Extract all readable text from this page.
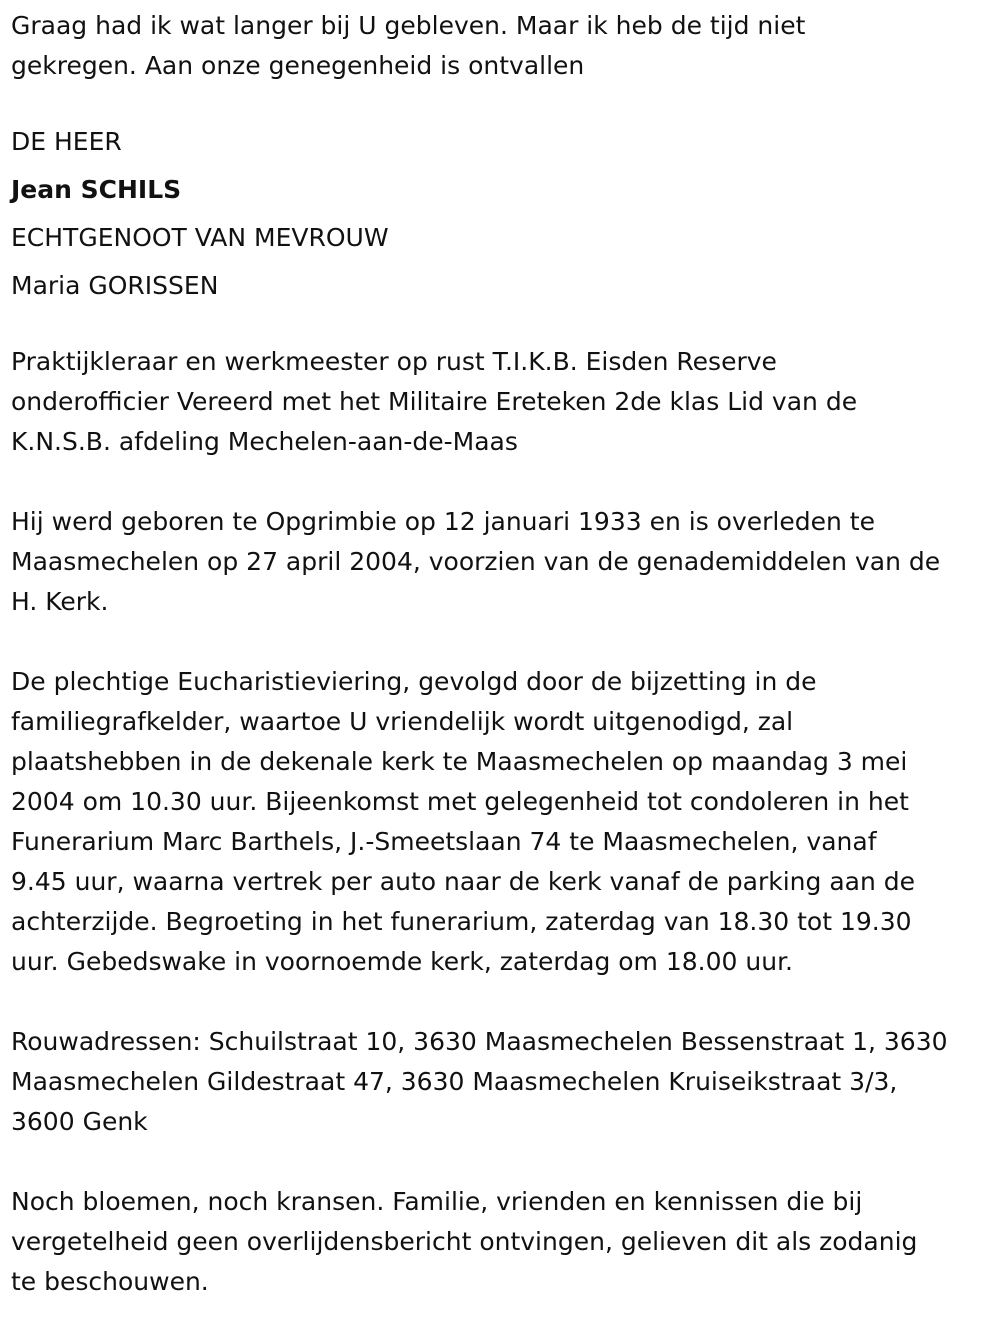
Graag had ik wat langer bij U gebleven. Maar ik heb de tijd niet
gekregen. Aan onze genegenheid is ontvallen
DE HEER
Jean SCHILS
ECHTGENOOT VAN MEVROUW
Maria GORISSEN
Praktijkleraar en werkmeester op rust T.I.K.B. Eisden Reserve
onderofficier Vereerd met het Militaire Ereteken 2de klas Lid van de
K.N.S.B. afdeling Mechelen-aan-de-Maas
Hij werd geboren te Opgrimbie op 12 januari 1933 en is overleden te
Maasmechelen op 27 april 2004, voorzien van de genademiddelen van de
H. Kerk.
De plechtige Eucharistieviering, gevolgd door de bijzetting in de
familiegrafkelder, waartoe U vriendelijk wordt uitgenodigd, zal
plaatshebben in de dekenale kerk te Maasmechelen op maandag 3 mei
2004 om 10.30 uur. Bijeenkomst met gelegenheid tot condoleren in het
Funerarium Marc Barthels, J.-Smeetslaan 74 te Maasmechelen, vanaf
9.45 uur, waarna vertrek per auto naar de kerk vanaf de parking aan de
achterzijde. Begroeting in het funerarium, zaterdag van 18.30 tot 19.30
uur. Gebedswake in voornoemde kerk, zaterdag om 18.00 uur.
Rouwadressen: Schuilstraat 10, 3630 Maasmechelen Bessenstraat 1, 3630
Maasmechelen Gildestraat 47, 3630 Maasmechelen Kruiseikstraat 3/3,
3600 Genk
Noch bloemen, noch kransen. Familie, vrienden en kennissen die bij
vergetelheid geen overlijdensbericht ontvingen, gelieven dit als zodanig
te beschouwen.
